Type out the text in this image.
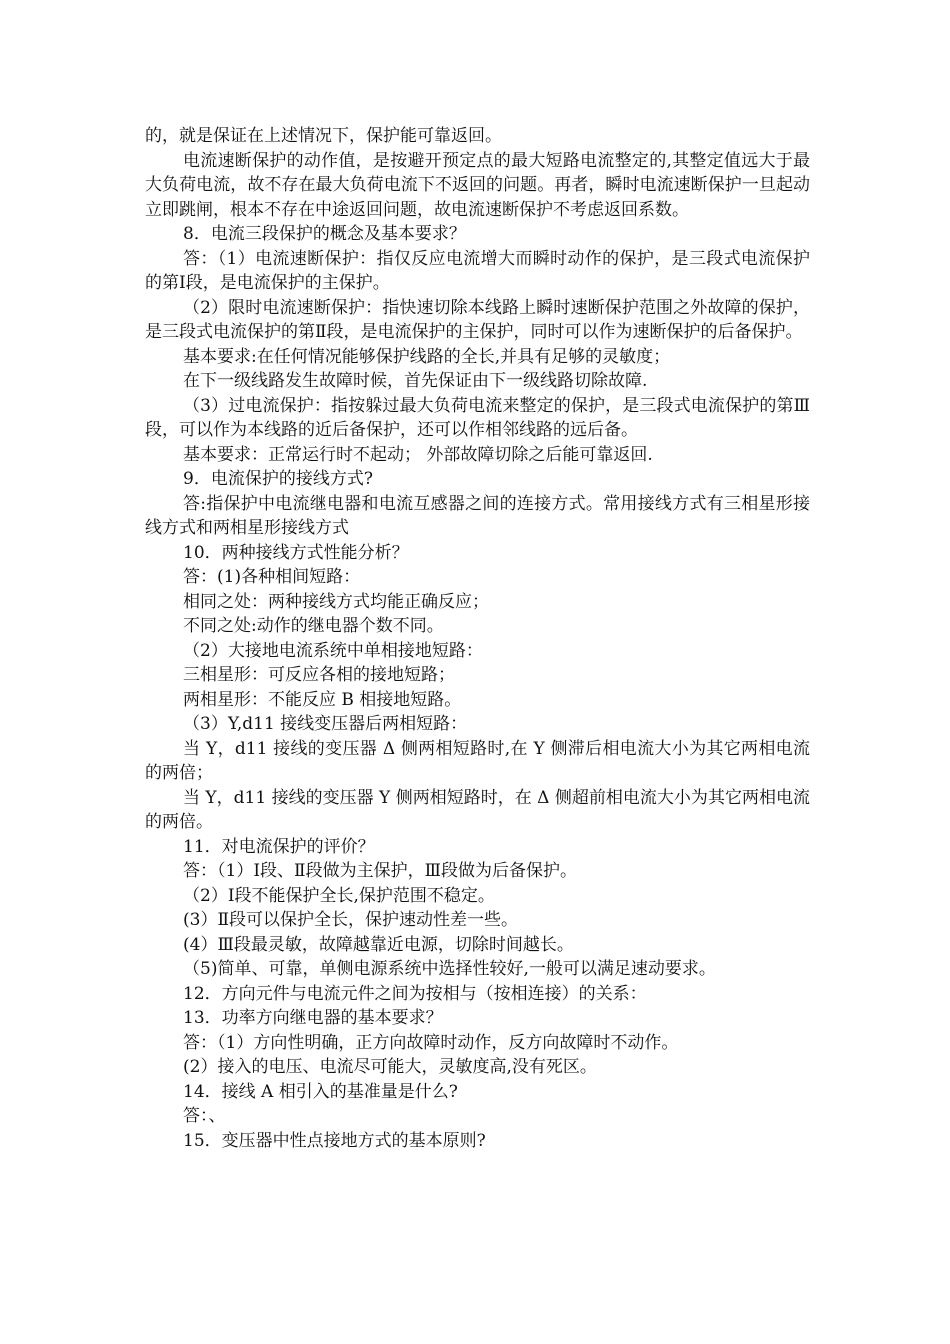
的，就是保证在上述情况下，保护能可靠返回。

电流速断保护的动作值，是按避开预定点的最大短路电流整定的,其整定值远大于最大负荷电流，故不存在最大负荷电流下不返回的问题。再者，瞬时电流速断保护一旦起动立即跳闸，根本不存在中途返回问题，故电流速断保护不考虑返回系数。

8．电流三段保护的概念及基本要求？

答：（1）电流速断保护：指仅反应电流增大而瞬时动作的保护，是三段式电流保护的第Ⅰ段，是电流保护的主保护。

（2）限时电流速断保护：指快速切除本线路上瞬时速断保护范围之外故障的保护，是三段式电流保护的第Ⅱ段，是电流保护的主保护，同时可以作为速断保护的后备保护。

基本要求:在任何情况能够保护线路的全长,并具有足够的灵敏度；

在下一级线路发生故障时候，首先保证由下一级线路切除故障.

（3）过电流保护：指按躲过最大负荷电流来整定的保护，是三段式电流保护的第Ⅲ段，可以作为本线路的近后备保护，还可以作相邻线路的远后备。

基本要求：正常运行时不起动； 外部故障切除之后能可靠返回.

9．电流保护的接线方式?

答:指保护中电流继电器和电流互感器之间的连接方式。常用接线方式有三相星形接线方式和两相星形接线方式

10．两种接线方式性能分析？

答：(1)各种相间短路：

相同之处：两种接线方式均能正确反应；

不同之处:动作的继电器个数不同。

（2）大接地电流系统中单相接地短路：

三相星形：可反应各相的接地短路；

两相星形：不能反应 B 相接地短路。

（3）Y,d11 接线变压器后两相短路：

当 Y，d11 接线的变压器 Δ 侧两相短路时,在 Y 侧滞后相电流大小为其它两相电流的两倍；

当 Y，d11 接线的变压器 Y 侧两相短路时，在 Δ 侧超前相电流大小为其它两相电流的两倍。

11．对电流保护的评价？

答：（1）Ⅰ段、Ⅱ段做为主保护，Ⅲ段做为后备保护。

（2）Ⅰ段不能保护全长,保护范围不稳定。

(3）Ⅱ段可以保护全长，保护速动性差一些。

(4）Ⅲ段最灵敏，故障越靠近电源，切除时间越长。

（5)简单、可靠，单侧电源系统中选择性较好,一般可以满足速动要求。

12．方向元件与电流元件之间为按相与（按相连接）的关系：

13．功率方向继电器的基本要求？

答：（1）方向性明确，正方向故障时动作，反方向故障时不动作。

(2）接入的电压、电流尽可能大，灵敏度高,没有死区。

14．接线 A 相引入的基准量是什么?

答：、

15．变压器中性点接地方式的基本原则?
